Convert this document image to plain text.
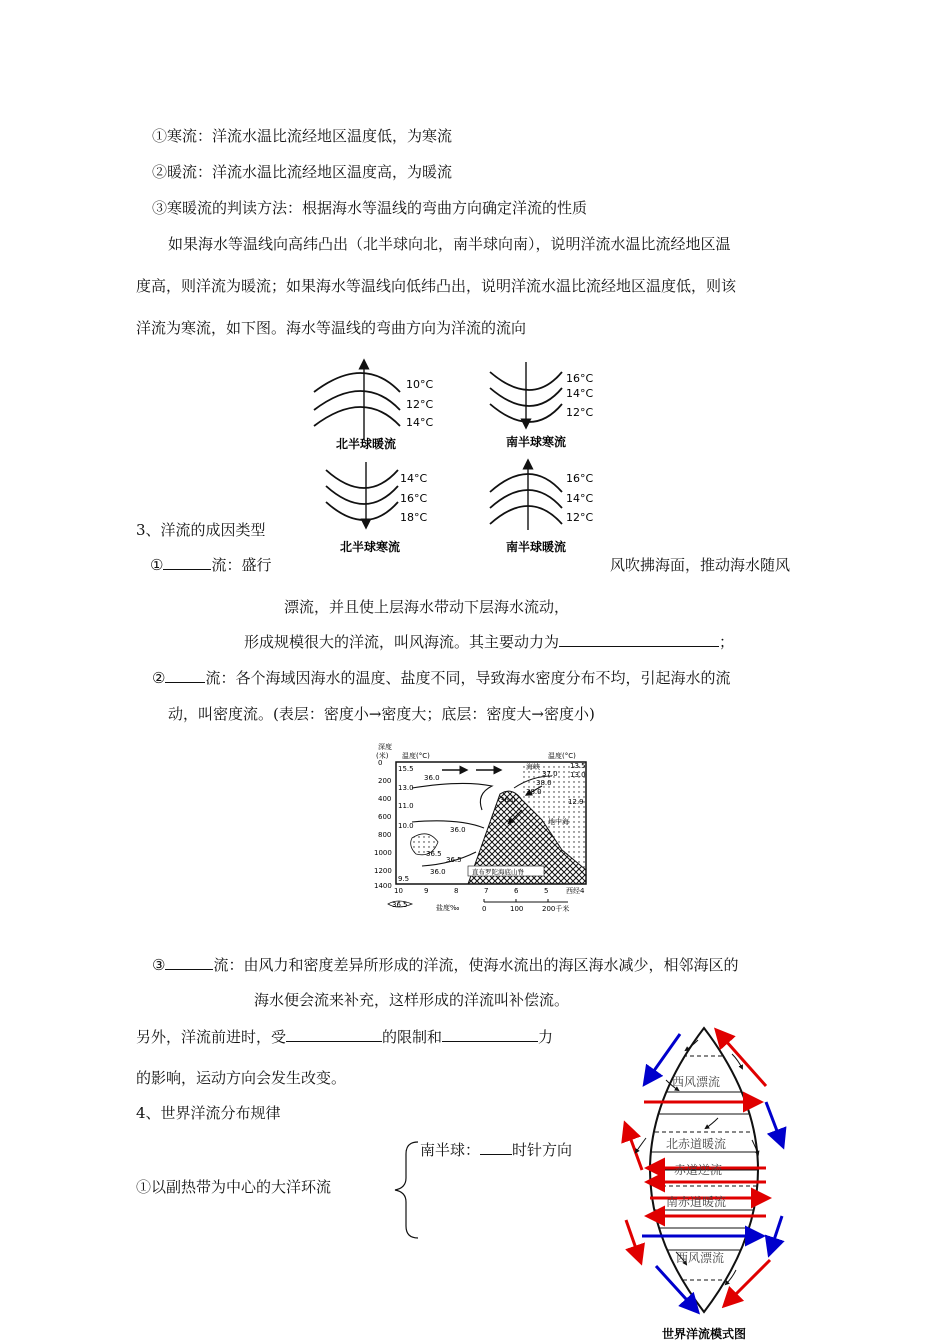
①寒流：洋流水温比流经地区温度低，为寒流
②暖流：洋流水温比流经地区温度高，为暖流
③寒暖流的判读方法：根据海水等温线的弯曲方向确定洋流的性质
如果海水等温线向高纬凸出（北半球向北，南半球向南），说明洋流水温比流经地区温
度高，则洋流为暖流；如果海水等温线向低纬凸出，说明洋流水温比流经地区温度低，则该
洋流为寒流，如下图。海水等温线的弯曲方向为洋流的流向
3、洋流的成因类型
①	流：盛行	风吹拂海面，推动海水随风
漂流，并且使上层海水带动下层海水流动，
形成规模很大的洋流，叫风海流。其主要动力为	；
②	流：各个海域因海水的温度、盐度不同，导致海水密度分布不均，引起海水的流
动，叫密度流。(表层：密度小→密度大；底层：密度大→密度小)
③	流：由风力和密度差异所形成的洋流，使海水流出的海区海水减少，相邻海区的
海水便会流来补充，这样形成的洋流叫补偿流。
另外，洋流前进时，受	的限制和	力
的影响，运动方向会发生改变。
4、世界洋流分布规律
①以副热带为中心的大洋环流
南半球： 时针方向
10°C
12°C
14°C
北半球暖流
16°C
14°C
12°C
南半球寒流
14°C
16°C
18°C
北半球寒流
16°C
14°C
12°C
南半球暖流
深度
(米) 温度(°C)	温度(°C)
直布罗陀海底山脊
15.5
13.0
11.0
10.0
9.5
13.5
13.0
12.9
36.0
36.0
36.5
36.5
36.0
37.0
38.0
38.0
36.0
海峡
地中海
0
200
400
600
800
1000
1200
1400
10	9	8	7	6	5	西经4
36.5	盐度‰	0	100	200千米
西风漂流
北赤道暖流
赤道逆流
南赤道暖流
西风漂流
世界洋流模式图
